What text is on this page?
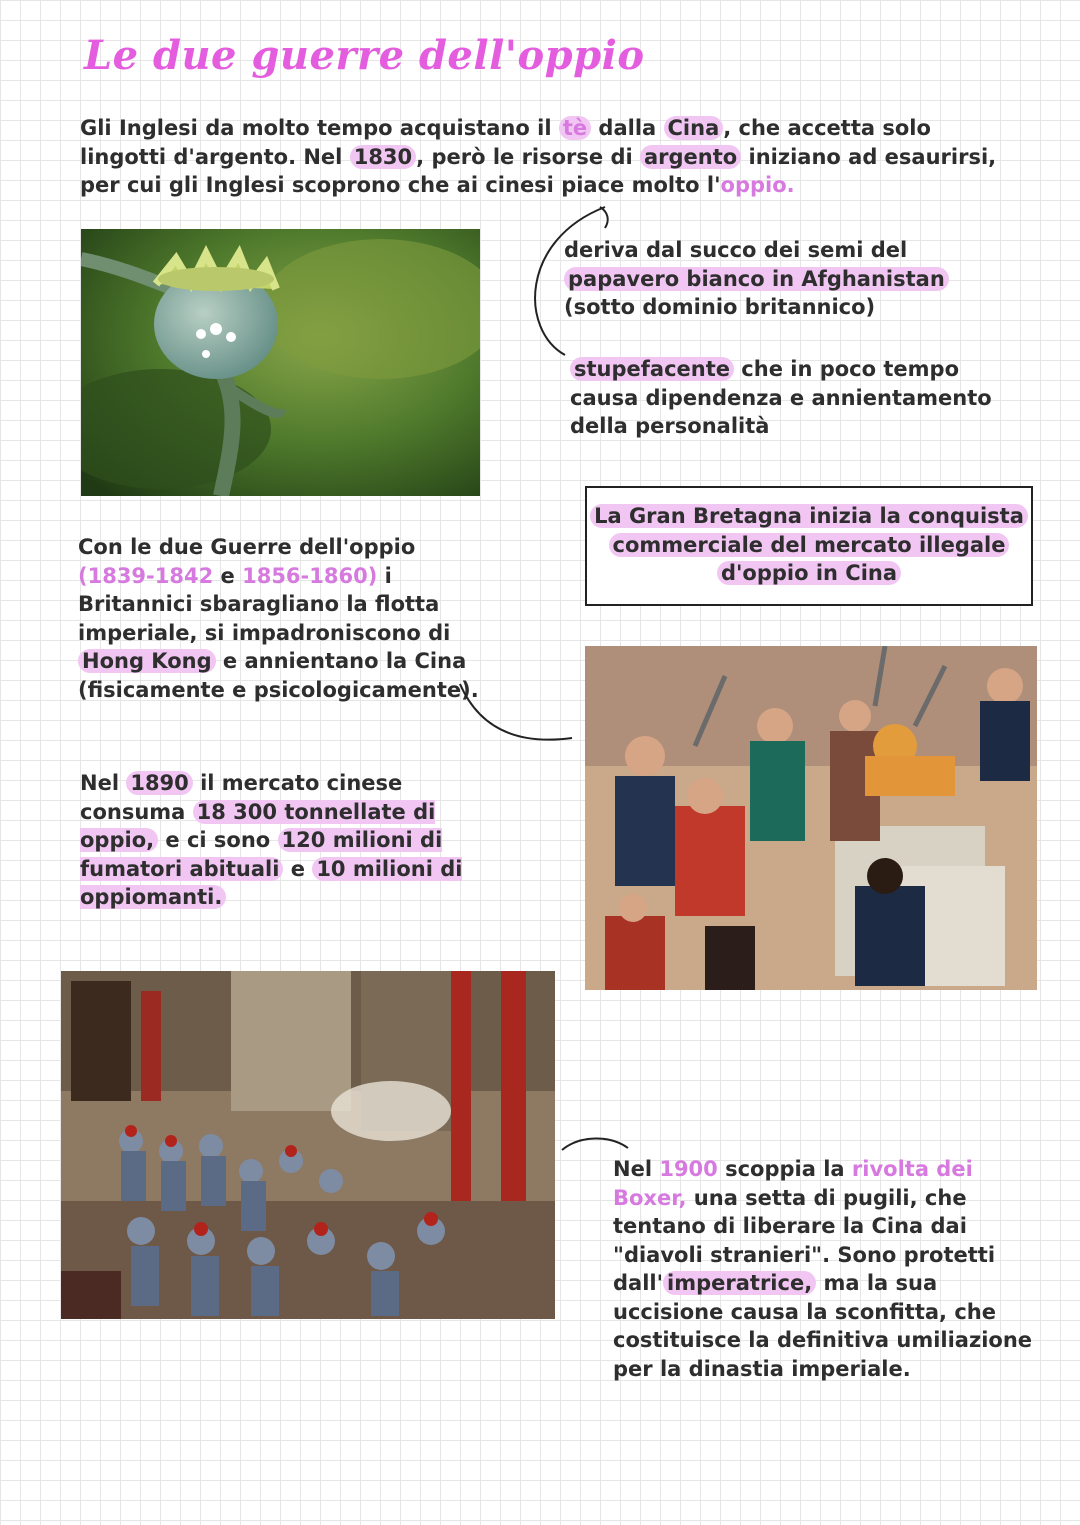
Le due guerre dell'oppio
Gli Inglesi da molto tempo acquistano il tè dalla Cina , che accetta solo lingotti d'argento. Nel 1830 , però le risorse di argento iniziano ad esaurirsi, per cui gli Inglesi scoprono che ai cinesi piace molto l'oppio.
deriva dal succo dei semi del
papavero bianco in Afghanistan
(sotto dominio britannico)
stupefacente che in poco tempo causa dipendenza e annientamento della personalità
La Gran Bretagna inizia la conquista
commerciale del mercato illegale
d'oppio in Cina
Con le due Guerre dell'oppio
(1839-1842 e 1856-1860) i Britannici sbaragliano la flotta imperiale, si impadroniscono di Hong Kong e annientano la Cina (fisicamente e psicologicamente).
Nel 1890 il mercato cinese consuma 18 300 tonnellate di oppio, e ci sono 120 milioni di fumatori abituali e 10 milioni di oppiomanti.
Nel 1900 scoppia la rivolta dei Boxer, una setta di pugili, che tentano di liberare la Cina dai "diavoli stranieri". Sono protetti dall' imperatrice, ma la sua uccisione causa la sconfitta, che costituisce la definitiva umiliazione per la dinastia imperiale.
